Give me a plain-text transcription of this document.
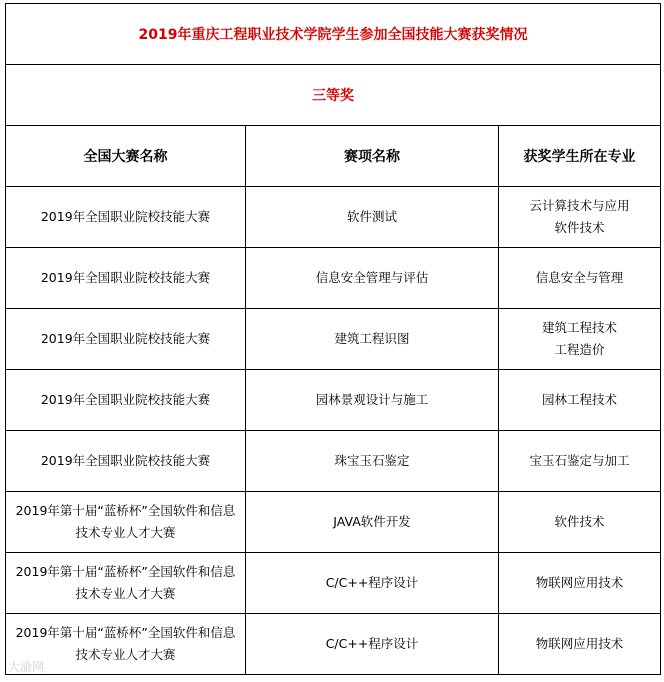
2019年重庆工程职业技术学院学生参加全国技能大赛获奖情况		
三等奖		
全国大赛名称	赛项名称	获奖学生所在专业
2019年全国职业院校技能大赛	软件测试	云计算技术与应用
软件技术
2019年全国职业院校技能大赛	信息安全管理与评估	信息安全与管理
2019年全国职业院校技能大赛	建筑工程识图	建筑工程技术
工程造价
2019年全国职业院校技能大赛	园林景观设计与施工	园林工程技术
2019年全国职业院校技能大赛	珠宝玉石鉴定	宝玉石鉴定与加工
2019年第十届“蓝桥杯”全国软件和信息技术专业人才大赛	JAVA软件开发	软件技术
2019年第十届“蓝桥杯”全国软件和信息技术专业人才大赛	C/C++程序设计	物联网应用技术
2019年第十届“蓝桥杯”全国软件和信息技术专业人才大赛	C/C++程序设计	物联网应用技术
大渝网
